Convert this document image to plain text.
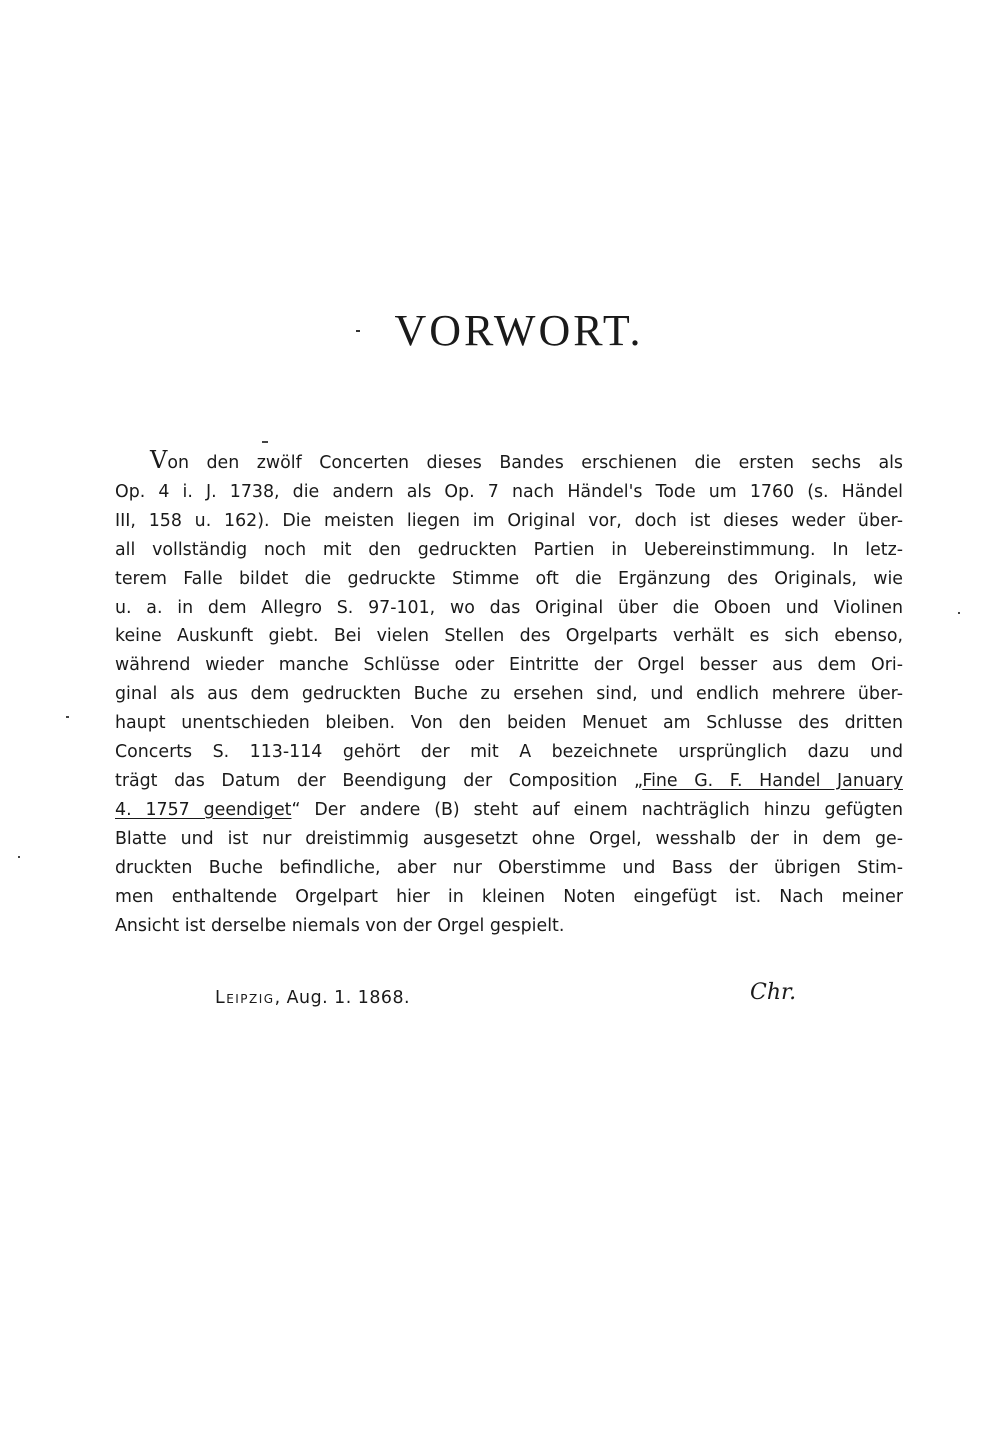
VORWORT.
Von den zwölf Concerten dieses Bandes erschienen die ersten sechs als
Op. 4 i. J. 1738, die andern als Op. 7 nach Händel's Tode um 1760 (s. Händel
III, 158 u. 162). Die meisten liegen im Original vor, doch ist dieses weder über-
all vollständig noch mit den gedruckten Partien in Uebereinstimmung. In letz-
terem Falle bildet die gedruckte Stimme oft die Ergänzung des Originals, wie
u. a. in dem Allegro S. 97-101, wo das Original über die Oboen und Violinen
keine Auskunft giebt. Bei vielen Stellen des Orgelparts verhält es sich ebenso,
während wieder manche Schlüsse oder Eintritte der Orgel besser aus dem Ori-
ginal als aus dem gedruckten Buche zu ersehen sind, und endlich mehrere über-
haupt unentschieden bleiben. Von den beiden Menuet am Schlusse des dritten
Concerts S. 113-114 gehört der mit A bezeichnete ursprünglich dazu und
trägt das Datum der Beendigung der Composition „Fine G. F. Handel January
4. 1757 geendiget“ Der andere (B) steht auf einem nachträglich hinzu gefügten
Blatte und ist nur dreistimmig ausgesetzt ohne Orgel, wesshalb der in dem ge-
druckten Buche befindliche, aber nur Oberstimme und Bass der übrigen Stim-
men enthaltende Orgelpart hier in kleinen Noten eingefügt ist. Nach meiner
Ansicht ist derselbe niemals von der Orgel gespielt.
Leipzig, Aug. 1. 1868.	Chr.
